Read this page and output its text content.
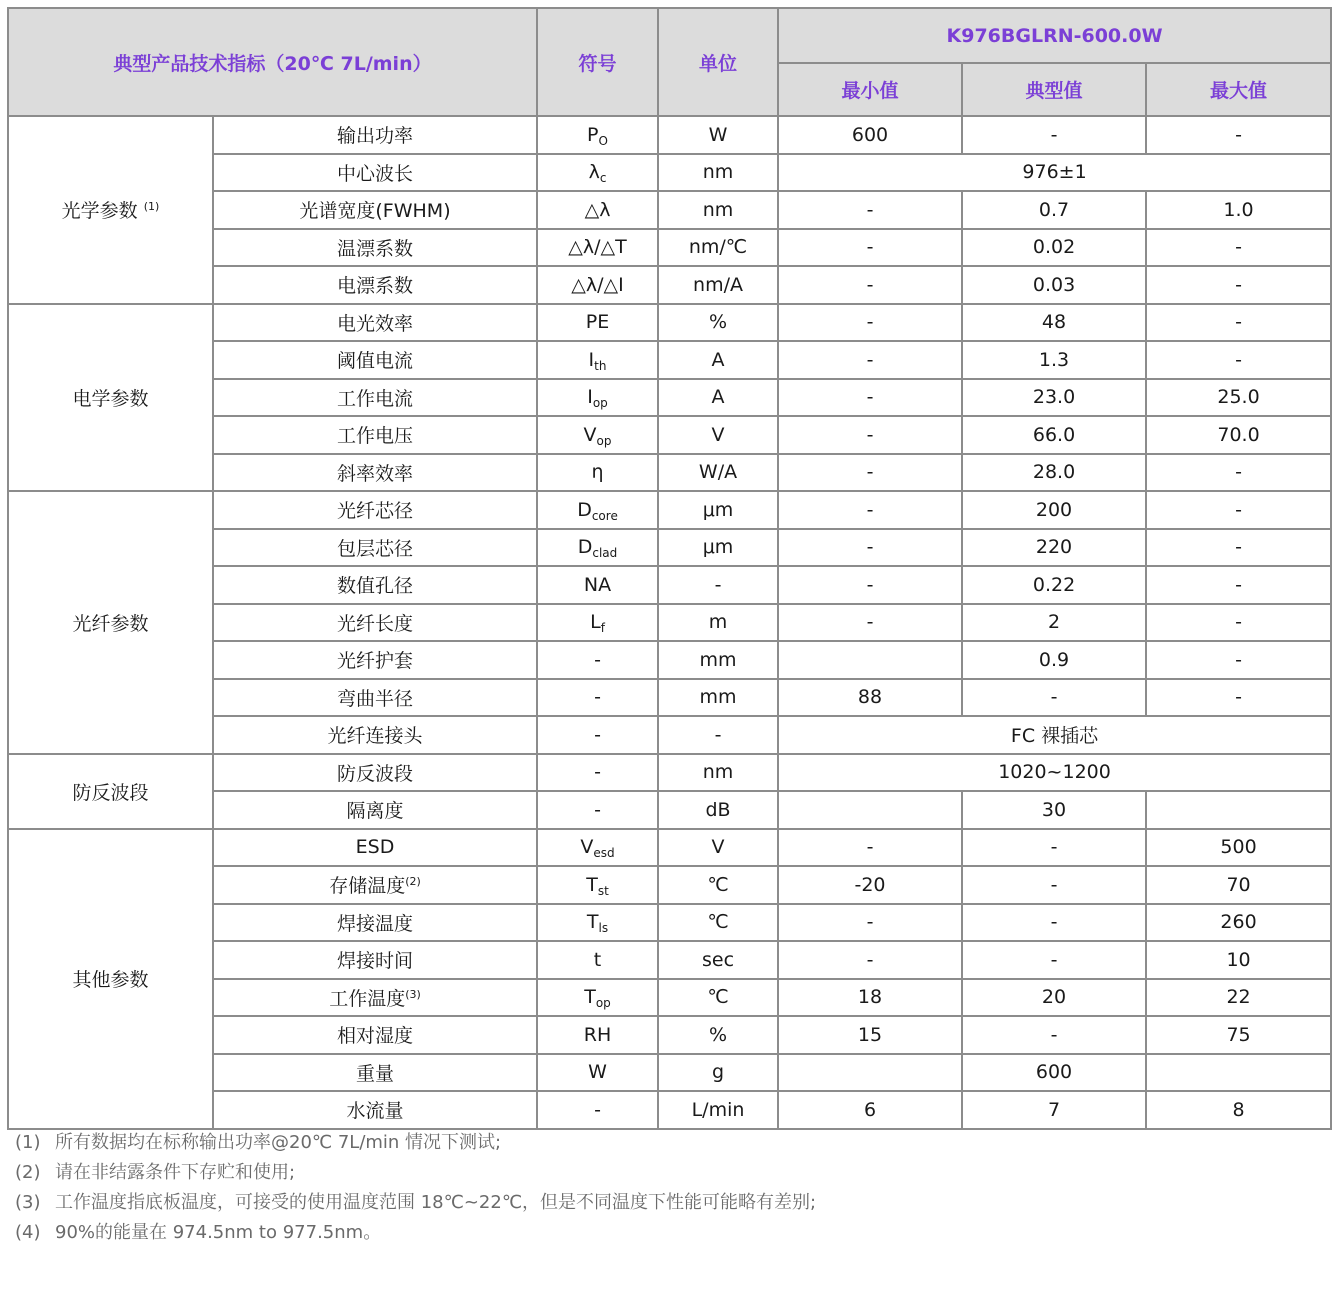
典型产品技术指标（20℃ 7L/min）		符号	单位	K976BGLRN-600.0W		
				最小值	典型值	最大值
光学参数 $^{(1)}$	输出功率	$P_O$	W	600	-	-
	中心波长	$\lambda_c$	nm	976±1		
	光谱宽度(FWHM)	△λ	nm	-	0.7	1.0
	温漂系数	△λ/△T	nm/℃	-	0.02	-
	电漂系数	△λ/△I	nm/A	-	0.03	-
电学参数	电光效率	PE	%	-	48	-
	阈值电流	$I_{th}$	A	-	1.3	-
	工作电流	$I_{op}$	A	-	23.0	25.0
	工作电压	$V_{op}$	V	-	66.0	70.0
	斜率效率	η	W/A	-	28.0	-
光纤参数	光纤芯径	$D_{core}$	μm	-	200	-
	包层芯径	$D_{clad}$	μm	-	220	-
	数值孔径	NA	-	-	0.22	-
	光纤长度	$L_f$	m	-	2	-
	光纤护套	-	mm		0.9	-
	弯曲半径	-	mm	88	-	-
	光纤连接头	-	-	FC 裸插芯		
防反波段	防反波段	-	nm	1020~1200		
	隔离度	-	dB		30	
其他参数	ESD	$V_{esd}$	V	-	-	500
	存储温度$^{(2)}$	$T_{st}$	℃	-20	-	70
	焊接温度	$T_{ls}$	℃	-	-	260
	焊接时间	t	sec	-	-	10
	工作温度$^{(3)}$	$T_{op}$	℃	18	20	22
	相对湿度	RH	%	15	-	75
	重量	W	g		600	
	水流量	-	L/min	6	7	8
(1) 所有数据均在标称输出功率@20℃ 7L/min 情况下测试;
(2) 请在非结露条件下存贮和使用;
(3) 工作温度指底板温度，可接受的使用温度范围 18℃~22℃，但是不同温度下性能可能略有差别;
(4) 90%的能量在 974.5nm to 977.5nm。
